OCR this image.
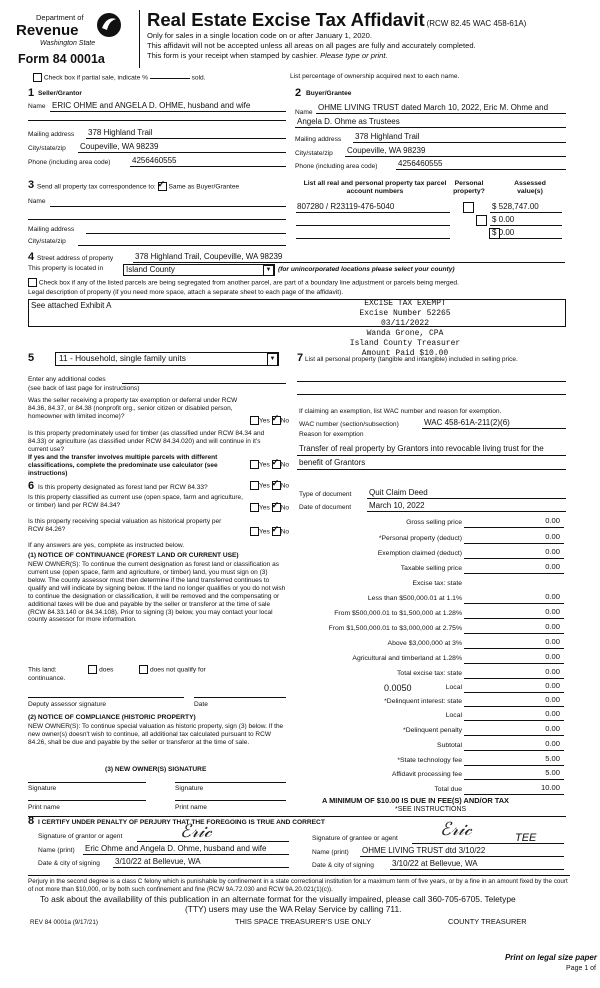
Department of
Revenue
Washington State
Form 84 0001a
Real Estate Excise Tax Affidavit (RCW 82.45 WAC 458-61A)
Only for sales in a single location code on or after January 1, 2020.
This affidavit will not be accepted unless all areas on all pages are fully and accurately completed.
This form is your receipt when stamped by cashier. Please type or print.
Check box if partial sale, indicate %	sold.	List percentage of ownership acquired next to each name.
1 Seller/Grantor
Name ERIC OHME and ANGELA D. OHME, husband and wife
Mailing address 378 Highland Trail
City/state/zip Coupeville, WA 98239
Phone (including area code)	4256460555
2 Buyer/Grantee
Name
OHME LIVING TRUST dated March 10, 2022, Eric M. Ohme and
Angela D. Ohme as Trustees
Mailing address 378 Highland Trail
City/state/zip Coupeville, WA 98239
Phone (including area code)	4256460555
3 Send all property tax correspondence to: ✓ Same as Buyer/Grantee
Name
Mailing address
City/state/zip
List all real and personal property tax parcel account numbers
Personal property?
Assessed value(s)
807280 / R23119-476-5040
	$ 528,747.00

$ 0.00
$ 0.00
4 Street address of property	378 Highland Trail, Coupeville, WA 98239
This property is located in	Island County	▼ (for unincorporated locations please select your county)
Check box if any of the listed parcels are being segregated from another parcel, are part of a boundary line adjustment or parcels being merged.
Legal description of property (if you need more space, attach a separate sheet to each page of the affidavit).
See attached Exhibit A	EXCISE TAX EXEMPT
Excise Number 52265
03/11/2022
Wanda Grone, CPA
Island County Treasurer
Amount Paid $10.00
5	11 - Household, single family units	▼
Enter any additional codes
(see back of last page for instructions)
Was the seller receiving a property tax exemption or deferral under RCW 84.36, 84.37, or 84.38 (nonprofit org., senior citizen or disabled person, homeowner with limited income)?
Yes ✓ No
Is this property predominately used for timber (as classified under RCW 84.34 and 84.33) or agriculture (as classified under RCW 84.34.020) and will continue in it's current use?
If yes and the transfer involves multiple parcels with different classifications, complete the predominate use calculator (see instructions)
Yes ✓ No
6 Is this property designated as forest land per RCW 84.33?	Yes ✓ No
Is this property classified as current use (open space, farm and agriculture, or timber) land per RCW 84.34?	Yes ✓ No
Is this property receiving special valuation as historical property per RCW 84.26?	Yes ✓ No
If any answers are yes, complete as instructed below.
(1) NOTICE OF CONTINUANCE (FOREST LAND OR CURRENT USE)
NEW OWNER(S): To continue the current designation as forest land or classification as current use (open space, farm and agriculture, or timber) land, you must sign on (3) below. The county assessor must then determine if the land transferred continues to qualify and will indicate by signing below. If the land no longer qualifies or you do not wish to continue the designation or classification, it will be removed and the compensating or additional taxes will be due and payable by the seller or transferor at the time of sale (RCW 84.33.140 or 84.34.108). Prior to signing (3) below, you may contact your local county assessor for more information.
This land:	does	does not qualify for
continuance.
Deputy assessor signature	Date
(2) NOTICE OF COMPLIANCE (HISTORIC PROPERTY)
NEW OWNER(S): To continue special valuation as historic property, sign (3) below. If the new owner(s) doesn't wish to continue, all additional tax calculated pursuant to RCW 84.26, shall be due and payable by the seller or transferor at the time of sale.
(3) NEW OWNER(S) SIGNATURE
Signature	Signature
Print name	Print name
7 List all personal property (tangible and intangible) included in selling price.
If claiming an exemption, list WAC number and reason for exemption.
WAC number (section/subsection)	WAC 458-61A-211(2)(6)
Reason for exemption
Transfer of real property by Grantors into revocable living trust for the
benefit of Grantors
Type of document Quit Claim Deed
Date of document March 10, 2022
Gross selling price	0.00
*Personal property (deduct)	0.00
Exemption claimed (deduct)	0.00
Taxable selling price	0.00
Excise tax: state
Less than $500,000.01 at 1.1%	0.00
From $500,000.01 to $1,500,000 at 1.28%	0.00
From $1,500,000.01 to $3,000,000 at 2.75%	0.00
Above $3,000,000 at 3%	0.00
Agricultural and timberland at 1.28%	0.00
Total excise tax: state	0.00
0.0050	Local	0.00
*Delinquent interest: state	0.00
Local	0.00
*Delinquent penalty	0.00
Subtotal	0.00
*State technology fee	5.00
Affidavit processing fee	5.00
Total due	10.00
A MINIMUM OF $10.00 IS DUE IN FEE(S) AND/OR TAX
*SEE INSTRUCTIONS
8 I CERTIFY UNDER PENALTY OF PERJURY THAT THE FOREGOING IS TRUE AND CORRECT
Signature of grantor or agent	ℰ𝓇𝒾𝒸
Name (print) Eric Ohme and Angela D. Ohme, husband and wife
Date & city of signing 3/10/22 at Bellevue, WA
Signature of grantee or agent ℰ𝓇𝒾𝒸	TEE
Name (print) OHME LIVING TRUST dtd 3/10/22
Date & city of signing 3/10/22 at Bellevue, WA
Perjury in the second degree is a class C felony which is punishable by confinement in a state correctional institution for a maximum term of five years, or by a fine in an amount fixed by the court of not more than $10,000, or by both such confinement and fine (RCW 9A.72.030 and RCW 9A.20.021(1)(c)).
To ask about the availability of this publication in an alternate format for the visually impaired, please call 360-705-6705. Teletype
(TTY) users may use the WA Relay Service by calling 711.
REV 84 0001a (9/17/21)	THIS SPACE TREASURER'S USE ONLY	COUNTY TREASURER
Print on legal size paper
Page 1 of
